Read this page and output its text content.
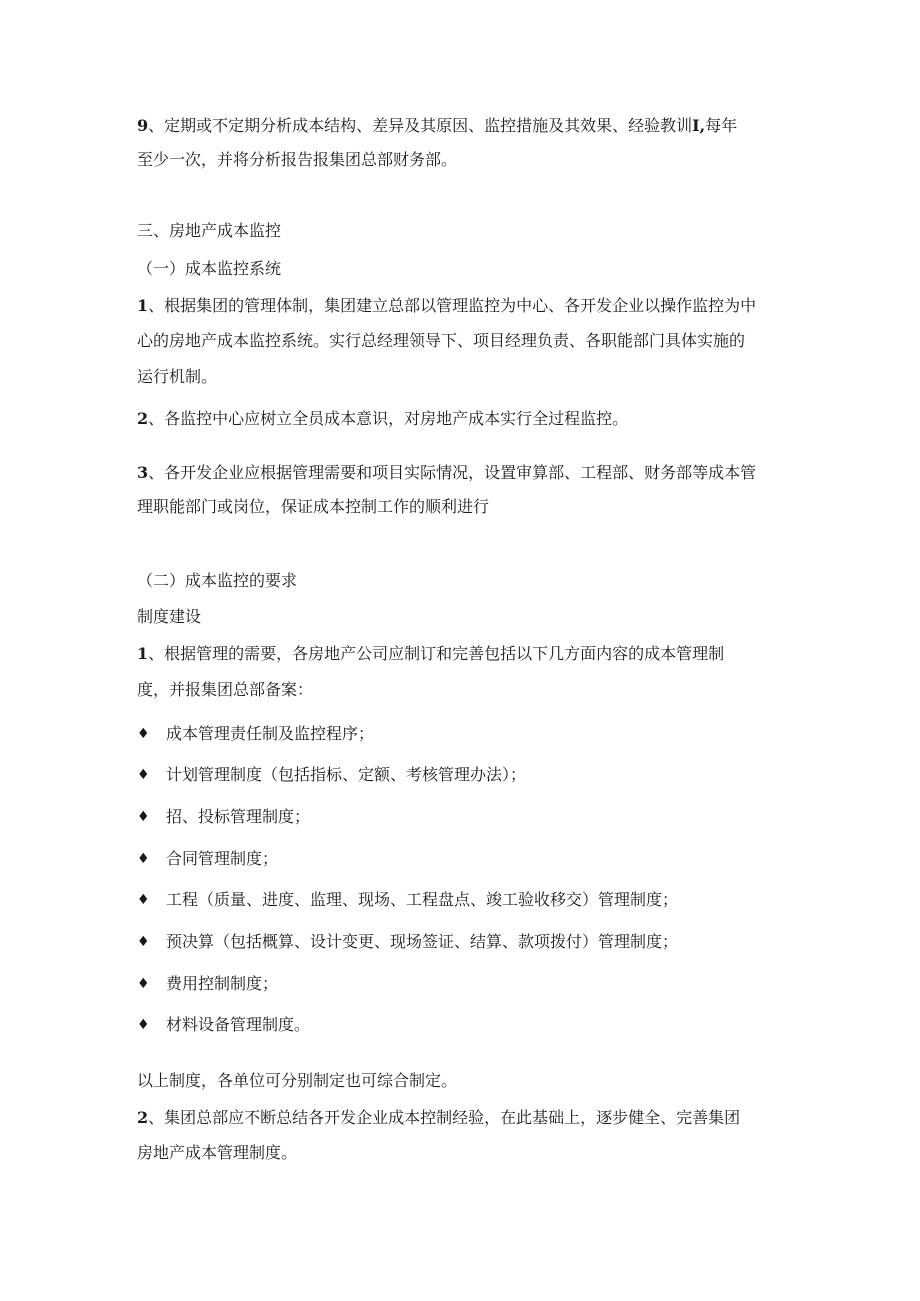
9、定期或不定期分析成本结构、差异及其原因、监控措施及其效果、经验教训I,每年
至少一次，并将分析报告报集团总部财务部。
三、房地产成本监控
（一）成本监控系统
1、根据集团的管理体制，集团建立总部以管理监控为中心、各开发企业以操作监控为中
心的房地产成本监控系统。实行总经理领导下、项目经理负责、各职能部门具体实施的
运行机制。
2、各监控中心应树立全员成本意识，对房地产成本实行全过程监控。
3、各开发企业应根据管理需要和项目实际情况，设置审算部、工程部、财务部等成本管
理职能部门或岗位，保证成本控制工作的顺利进行
（二）成本监控的要求
制度建设
1、根据管理的需要，各房地产公司应制订和完善包括以下几方面内容的成本管理制
度，并报集团总部备案：
♦ 成本管理责任制及监控程序；
♦ 计划管理制度（包括指标、定额、考核管理办法）；
♦ 招、投标管理制度；
♦ 合同管理制度；
♦ 工程（质量、进度、监理、现场、工程盘点、竣工验收移交）管理制度；
♦ 预决算（包括概算、设计变更、现场签证、结算、款项拨付）管理制度；
♦ 费用控制制度；
♦ 材料设备管理制度。
以上制度，各单位可分别制定也可综合制定。
2、集团总部应不断总结各开发企业成本控制经验，在此基础上，逐步健全、完善集团
房地产成本管理制度。
